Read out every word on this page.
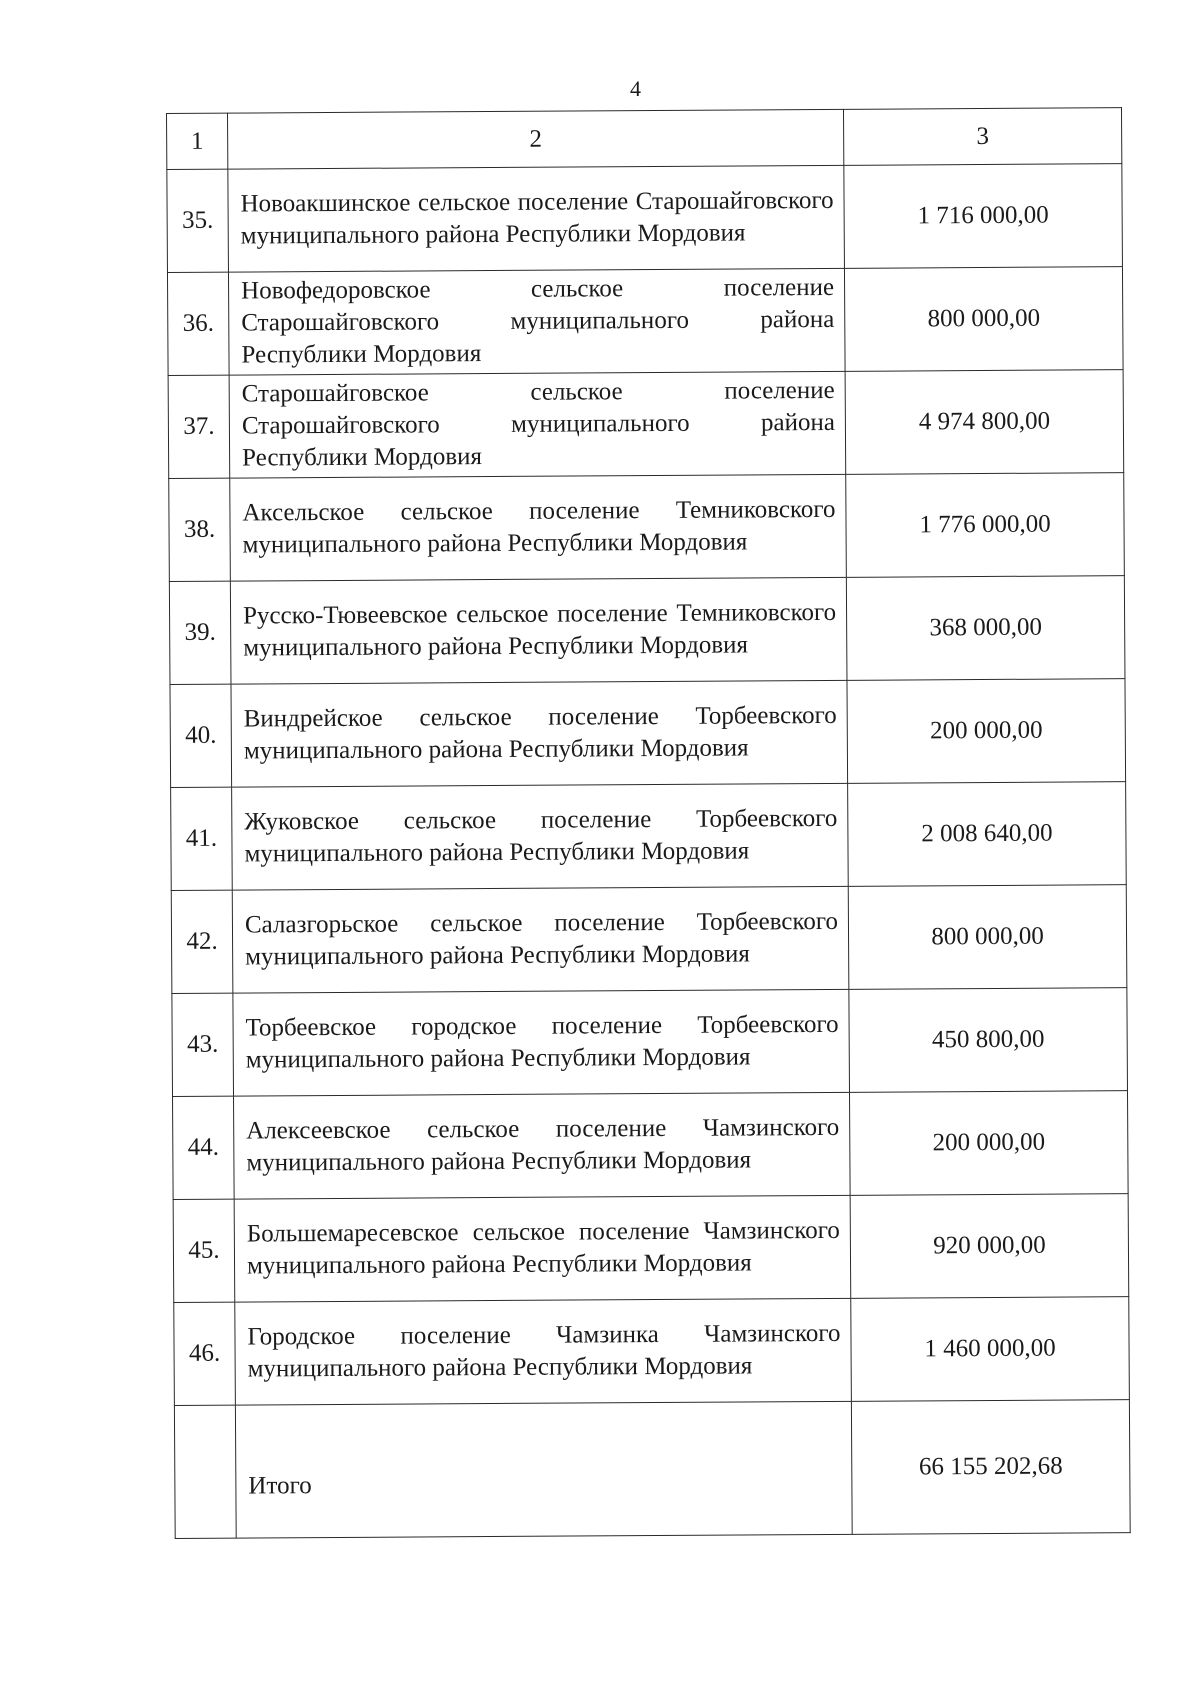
4
1	2	3
35.	Новоакшинское сельское поселение Старошайговского муниципального района Республики Мордовия	1 716 000,00
36.	Новофедоровское сельское поселение Старошайговского муниципального района Республики Мордовия	800 000,00
37.	Старошайговское сельское поселение Старошайговского муниципального района Республики Мордовия	4 974 800,00
38.	Аксельское сельское поселение Темниковского муниципального района Республики Мордовия	1 776 000,00
39.	Русско-Тювеевское сельское поселение Темниковского муниципального района Республики Мордовия	368 000,00
40.	Виндрейское сельское поселение Торбеевского муниципального района Республики Мордовия	200 000,00
41.	Жуковское сельское поселение Торбеевского муниципального района Республики Мордовия	2 008 640,00
42.	Салазгорьское сельское поселение Торбеевского муниципального района Республики Мордовия	800 000,00
43.	Торбеевское городское поселение Торбеевского муниципального района Республики Мордовия	450 800,00
44.	Алексеевское сельское поселение Чамзинского муниципального района Республики Мордовия	200 000,00
45.	Большемаресевское сельское поселение Чамзинского муниципального района Республики Мордовия	920 000,00
46.	Городское поселение Чамзинка Чамзинского муниципального района Республики Мордовия	1 460 000,00
	Итого	66 155 202,68
